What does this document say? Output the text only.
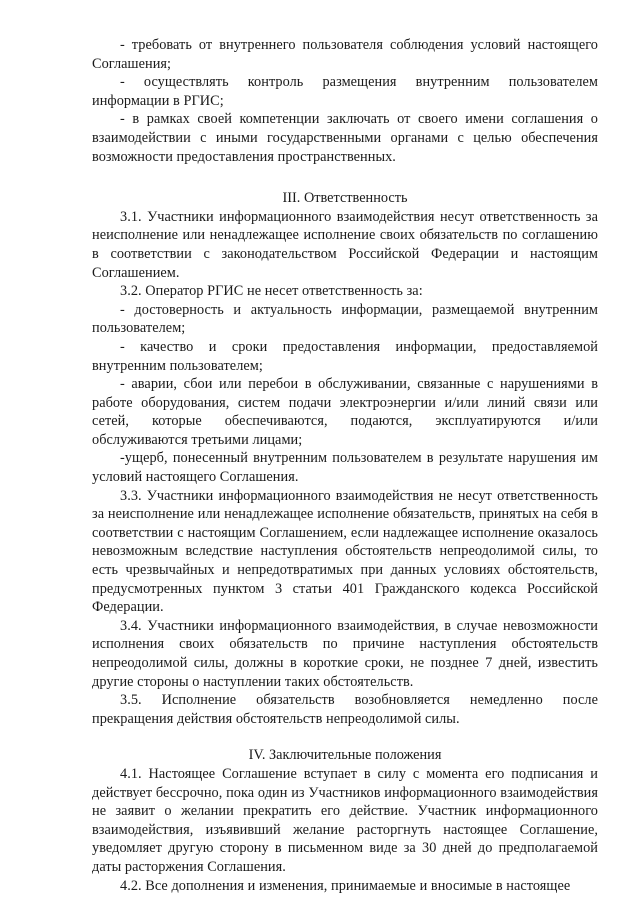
- требовать от внутреннего пользователя соблюдения условий настоящего Соглашения;

- осуществлять контроль размещения внутренним пользователем информации в РГИС;

- в рамках своей компетенции заключать от своего имени соглашения о взаимодействии с иными государственными органами с целью обеспечения возможности предоставления пространственных.

III. Ответственность

3.1. Участники информационного взаимодействия несут ответственность за неисполнение или ненадлежащее исполнение своих обязательств по соглашению в соответствии с законодательством Российской Федерации и настоящим Соглашением.

3.2. Оператор РГИС не несет ответственность за:

- достоверность и актуальность информации, размещаемой внутренним пользователем;

- качество и сроки предоставления информации, предоставляемой внутренним пользователем;

- аварии, сбои или перебои в обслуживании, связанные с нарушениями в работе оборудования, систем подачи электроэнергии и/или линий связи или сетей, которые обеспечиваются, подаются, эксплуатируются и/или обслуживаются третьими лицами;

-ущерб, понесенный внутренним пользователем в результате нарушения им условий настоящего Соглашения.

3.3. Участники информационного взаимодействия не несут ответственность за неисполнение или ненадлежащее исполнение обязательств, принятых на себя в соответствии с настоящим Соглашением, если надлежащее исполнение оказалось невозможным вследствие наступления обстоятельств непреодолимой силы, то есть чрезвычайных и непредотвратимых при данных условиях обстоятельств, предусмотренных пунктом 3 статьи 401 Гражданского кодекса Российской Федерации.

3.4. Участники информационного взаимодействия, в случае невозможности исполнения своих обязательств по причине наступления обстоятельств непреодолимой силы, должны в короткие сроки, не позднее 7 дней, известить другие стороны о наступлении таких обстоятельств.

3.5. Исполнение обязательств возобновляется немедленно после прекращения действия обстоятельств непреодолимой силы.

IV. Заключительные положения

4.1. Настоящее Соглашение вступает в силу с момента его подписания и действует бессрочно, пока один из Участников информационного взаимодействия не заявит о желании прекратить его действие. Участник информационного взаимодействия, изъявивший желание расторгнуть настоящее Соглашение, уведомляет другую сторону в письменном виде за 30 дней до предполагаемой даты расторжения Соглашения.

4.2. Все дополнения и изменения, принимаемые и вносимые в настоящее
